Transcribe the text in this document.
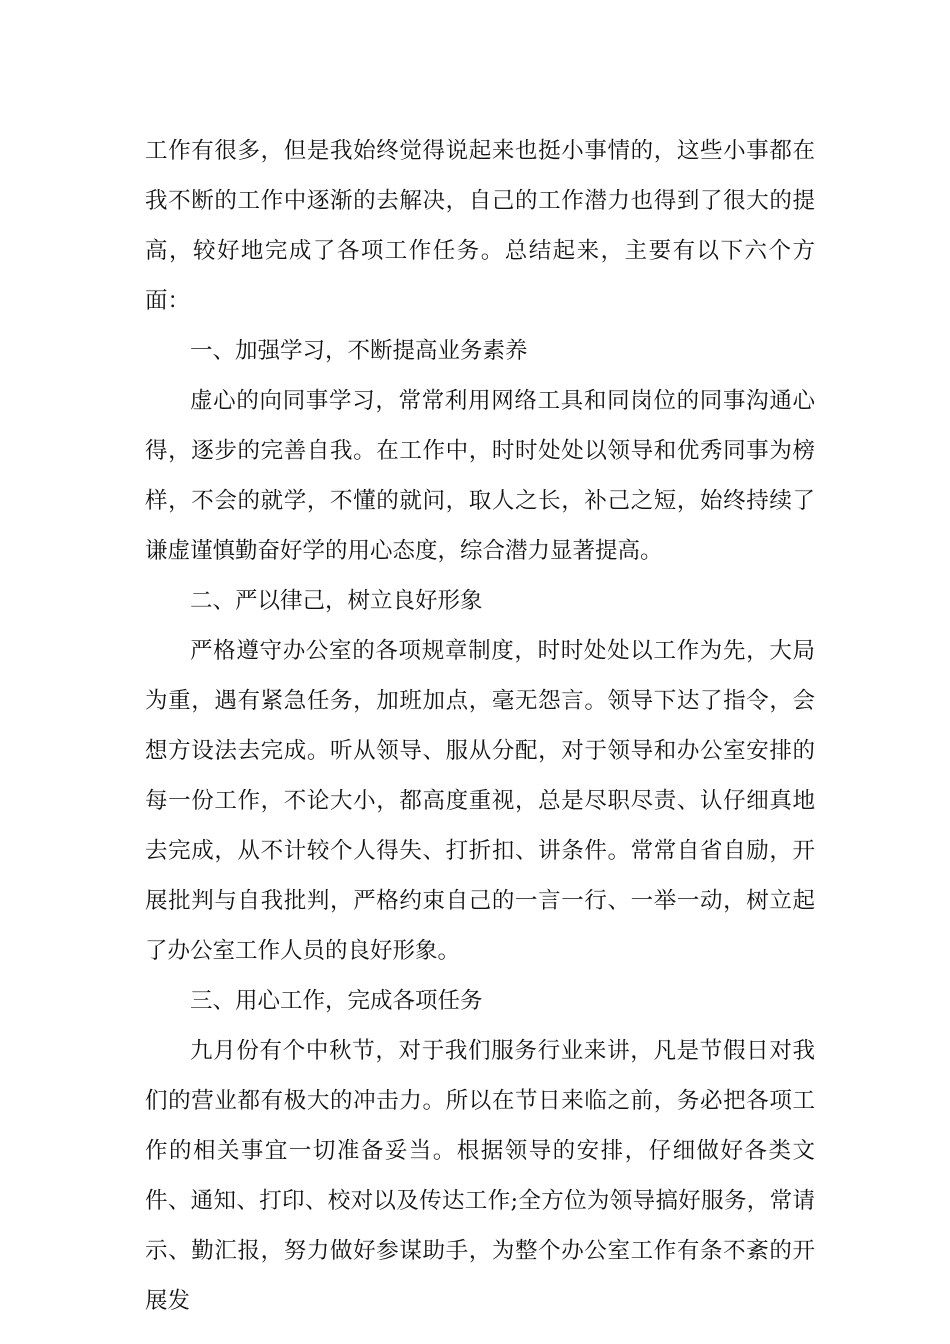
工作有很多，但是我始终觉得说起来也挺小事情的，这些小事都在我不断的工作中逐渐的去解决，自己的工作潜力也得到了很大的提高，较好地完成了各项工作任务。总结起来，主要有以下六个方面：

一、加强学习，不断提高业务素养

虚心的向同事学习，常常利用网络工具和同岗位的同事沟通心得，逐步的完善自我。在工作中，时时处处以领导和优秀同事为榜样，不会的就学，不懂的就问，取人之长，补己之短，始终持续了谦虚谨慎勤奋好学的用心态度，综合潜力显著提高。

二、严以律己，树立良好形象

严格遵守办公室的各项规章制度，时时处处以工作为先，大局为重，遇有紧急任务，加班加点，毫无怨言。领导下达了指令，会想方设法去完成。听从领导、服从分配，对于领导和办公室安排的每一份工作，不论大小，都高度重视，总是尽职尽责、认仔细真地去完成，从不计较个人得失、打折扣、讲条件。常常自省自励，开展批判与自我批判，严格约束自己的一言一行、一举一动，树立起了办公室工作人员的良好形象。

三、用心工作，完成各项任务

九月份有个中秋节，对于我们服务行业来讲，凡是节假日对我们的营业都有极大的冲击力。所以在节日来临之前，务必把各项工作的相关事宜一切准备妥当。根据领导的安排，仔细做好各类文件、通知、打印、校对以及传达工作;全方位为领导搞好服务，常请示、勤汇报，努力做好参谋助手，为整个办公室工作有条不紊的开展发
